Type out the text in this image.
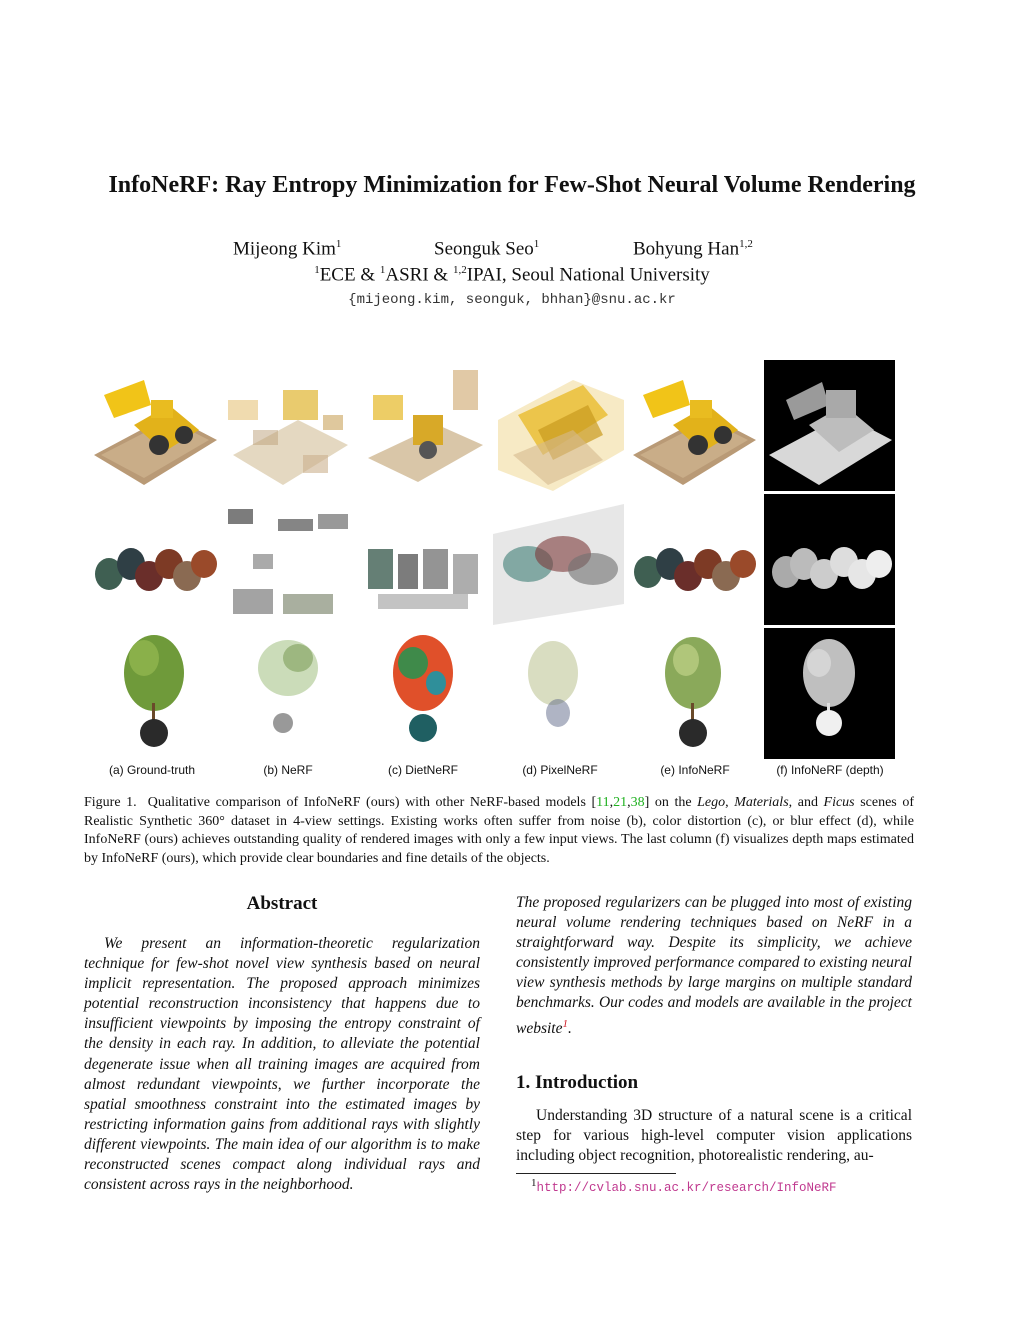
InfoNeRF: Ray Entropy Minimization for Few-Shot Neural Volume Rendering
Mijeong Kim$^1$	Seonguk Seo$^1$	Bohyung Han$^{1,2}$
$^1$ECE & $^1$ASRI & $^{1,2}$IPAI, Seoul National University
{mijeong.kim, seonguk, bhhan}@snu.ac.kr
(a) Ground-truth	(b) NeRF	(c) DietNeRF	(d) PixelNeRF	(e) InfoNeRF	(f) InfoNeRF (depth)
Figure 1. Qualitative comparison of InfoNeRF (ours) with other NeRF-based models [11,21,38] on the Lego, Materials, and Ficus scenes of Realistic Synthetic 360° dataset in 4-view settings. Existing works often suffer from noise (b), color distortion (c), or blur effect (d), while InfoNeRF (ours) achieves outstanding quality of rendered images with only a few input views. The last column (f) visualizes depth maps estimated by InfoNeRF (ours), which provide clear boundaries and fine details of the objects.
Abstract
We present an information-theoretic regularization technique for few-shot novel view synthesis based on neural implicit representation. The proposed approach minimizes potential reconstruction inconsistency that happens due to insufficient viewpoints by imposing the entropy constraint of the density in each ray. In addition, to alleviate the potential degenerate issue when all training images are acquired from almost redundant viewpoints, we further incorporate the spatial smoothness constraint into the estimated images by restricting information gains from additional rays with slightly different viewpoints. The main idea of our algorithm is to make reconstructed scenes compact along individual rays and consistent across rays in the neighborhood.
The proposed regularizers can be plugged into most of existing neural volume rendering techniques based on NeRF in a straightforward way. Despite its simplicity, we achieve consistently improved performance compared to existing neural view synthesis methods by large margins on multiple standard benchmarks. Our codes and models are available in the project website$^1$.
1. Introduction
Understanding 3D structure of a natural scene is a critical step for various high-level computer vision applications including object recognition, photorealistic rendering, au-
$^1$http://cvlab.snu.ac.kr/research/InfoNeRF
